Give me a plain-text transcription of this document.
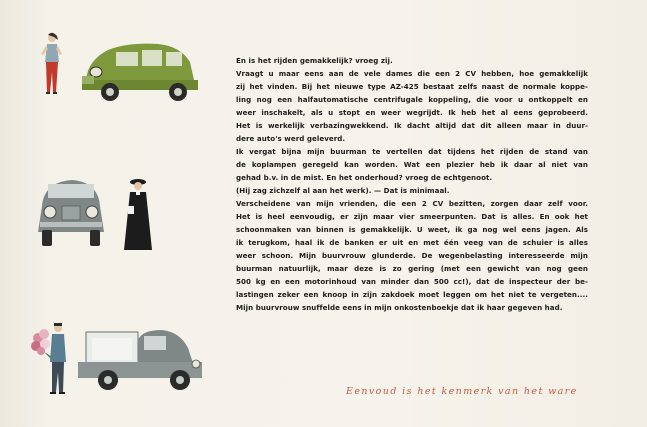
En is het rijden gemakkelijk? vroeg zij.
Vraagt u maar eens aan de vele dames die een 2 CV hebben, hoe gemakkelijk
zij het vinden. Bij het nieuwe type AZ-425 bestaat zelfs naast de normale koppe-
ling nog een halfautomatische centrifugale koppeling, die voor u ontkoppelt en
weer inschakelt, als u stopt en weer wegrijdt. Ik heb het al eens geprobeerd.
Het is werkelijk verbazingwekkend. Ik dacht altijd dat dit alleen maar in duur-
dere auto's werd geleverd.
Ik vergat bijna mijn buurman te vertellen dat tijdens het rijden de stand van
de koplampen geregeld kan worden. Wat een plezier heb ik daar al niet van
gehad b.v. in de mist. En het onderhoud? vroeg de echtgenoot.
(Hij zag zichzelf al aan het werk). — Dat is minimaal.
Verscheidene van mijn vrienden, die een 2 CV bezitten, zorgen daar zelf voor.
Het is heel eenvoudig, er zijn maar vier smeerpunten. Dat is alles. En ook het
schoonmaken van binnen is gemakkelijk. U weet, ik ga nog wel eens jagen. Als
ik terugkom, haal ik de banken er uit en met één veeg van de schuier is alles
weer schoon. Mijn buurvrouw glunderde. De wegenbelasting interesseerde mijn
buurman natuurlijk, maar deze is zo gering (met een gewicht van nog geen
500 kg en een motorinhoud van minder dan 500 cc!), dat de inspecteur der be-
lastingen zeker een knoop in zijn zakdoek moet leggen om het niet te vergeten....
Mijn buurvrouw snuffelde eens in mijn onkostenboekje dat ik haar gegeven had.
Eenvoud is het kenmerk van het ware
